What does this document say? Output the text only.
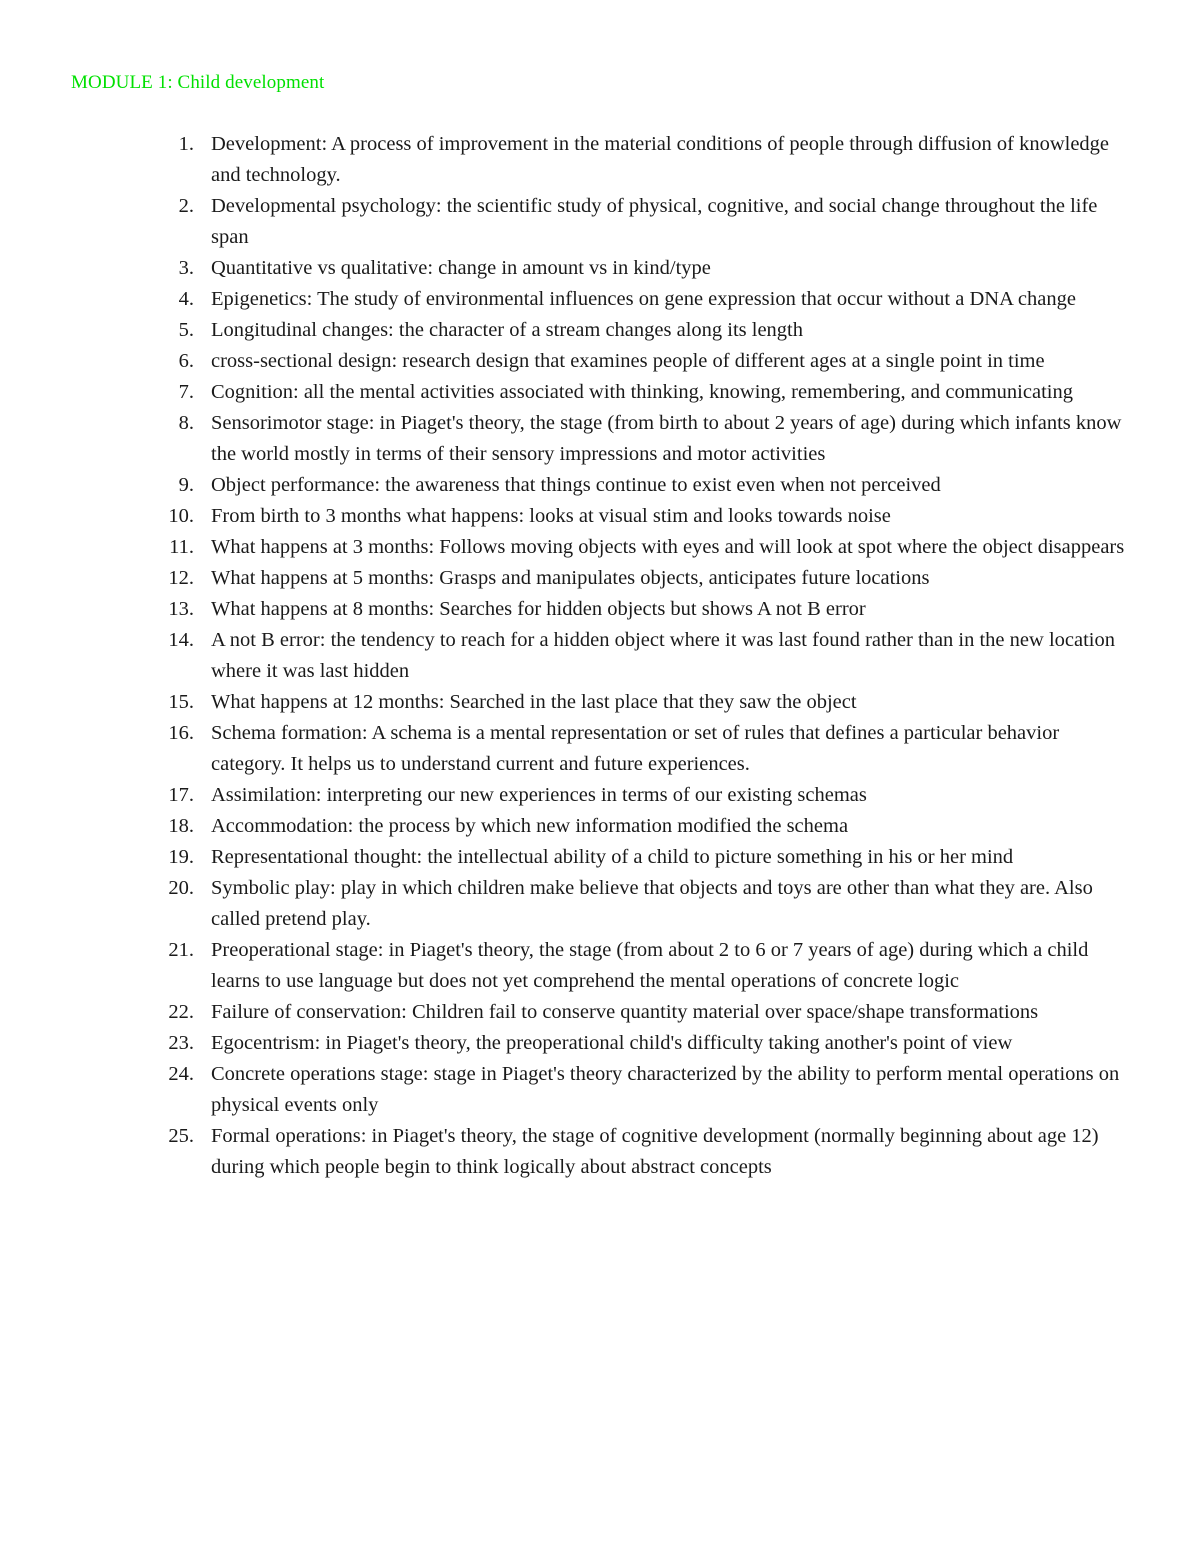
MODULE 1: Child development
1. Development: A process of improvement in the material conditions of people through diffusion of knowledge and technology.
2. Developmental psychology: the scientific study of physical, cognitive, and social change throughout the life span
3. Quantitative vs qualitative: change in amount vs in kind/type
4. Epigenetics: The study of environmental influences on gene expression that occur without a DNA change
5. Longitudinal changes: the character of a stream changes along its length
6. cross-sectional design: research design that examines people of different ages at a single point in time
7. Cognition: all the mental activities associated with thinking, knowing, remembering, and communicating
8. Sensorimotor stage: in Piaget's theory, the stage (from birth to about 2 years of age) during which infants know the world mostly in terms of their sensory impressions and motor activities
9. Object performance: the awareness that things continue to exist even when not perceived
10. From birth to 3 months what happens: looks at visual stim and looks towards noise
11. What happens at 3 months: Follows moving objects with eyes and will look at spot where the object disappears
12. What happens at 5 months: Grasps and manipulates objects, anticipates future locations
13. What happens at 8 months: Searches for hidden objects but shows A not B error
14. A not B error: the tendency to reach for a hidden object where it was last found rather than in the new location where it was last hidden
15. What happens at 12 months: Searched in the last place that they saw the object
16. Schema formation: A schema is a mental representation or set of rules that defines a particular behavior category. It helps us to understand current and future experiences.
17. Assimilation: interpreting our new experiences in terms of our existing schemas
18. Accommodation: the process by which new information modified the schema
19. Representational thought: the intellectual ability of a child to picture something in his or her mind
20. Symbolic play: play in which children make believe that objects and toys are other than what they are. Also called pretend play.
21. Preoperational stage: in Piaget's theory, the stage (from about 2 to 6 or 7 years of age) during which a child learns to use language but does not yet comprehend the mental operations of concrete logic
22. Failure of conservation: Children fail to conserve quantity material over space/shape transformations
23. Egocentrism: in Piaget's theory, the preoperational child's difficulty taking another's point of view
24. Concrete operations stage: stage in Piaget's theory characterized by the ability to perform mental operations on physical events only
25. Formal operations: in Piaget's theory, the stage of cognitive development (normally beginning about age 12) during which people begin to think logically about abstract concepts
